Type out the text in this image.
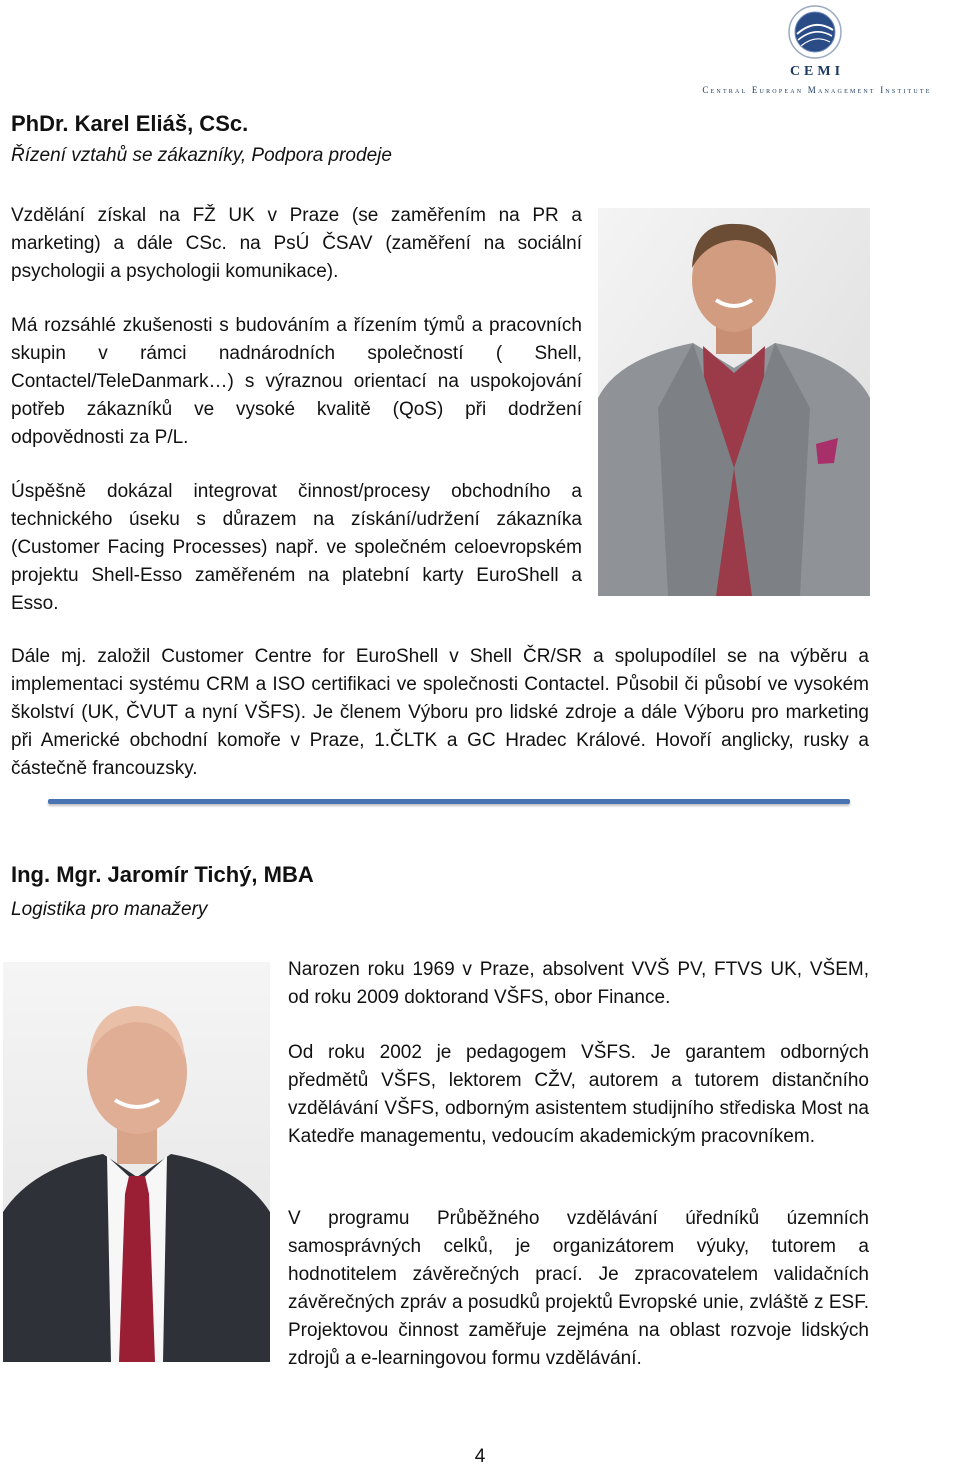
CEMI
Central European Management Institute

PhDr. Karel Eliáš, CSc.

Řízení vztahů se zákazníky, Podpora prodeje

Vzdělání získal na FŽ UK v Praze (se zaměřením na PR a marketing) a dále CSc. na PsÚ ČSAV (zaměření na sociální psychologii a psychologii komunikace).

Má rozsáhlé zkušenosti s budováním a řízením týmů a pracovních skupin v rámci nadnárodních společností ( Shell, Contactel/TeleDanmark…) s výraznou orientací na uspokojování potřeb zákazníků ve vysoké kvalitě (QoS) při dodržení odpovědnosti za P/L.

Úspěšně dokázal integrovat činnost/procesy obchodního a technického úseku s důrazem na získání/udržení zákazníka (Customer Facing Processes) např. ve společném celoevropském projektu Shell-Esso zaměřeném na platební karty EuroShell a Esso.

Dále mj. založil Customer Centre for EuroShell v Shell ČR/SR a spolupodílel se na výběru a implementaci systému CRM a ISO certifikaci ve společnosti Contactel. Působil či působí ve vysokém školství (UK, ČVUT a nyní VŠFS). Je členem Výboru pro lidské zdroje a dále Výboru pro marketing při Americké obchodní komoře v Praze, 1.ČLTK a GC Hradec Králové. Hovoří anglicky, rusky a částečně francouzsky.

Ing. Mgr. Jaromír Tichý, MBA

Logistika pro manažery

Narozen roku 1969 v Praze, absolvent VVŠ PV, FTVS UK, VŠEM, od roku 2009 doktorand VŠFS, obor Finance.

Od roku 2002 je pedagogem VŠFS. Je garantem odborných předmětů VŠFS, lektorem CŽV, autorem a tutorem distančního vzdělávání VŠFS, odborným asistentem studijního střediska Most na Katedře managementu, vedoucím akademickým pracovníkem.

V programu Průběžného vzdělávání úředníků územních samosprávných celků, je organizátorem výuky, tutorem a hodnotitelem závěrečných prací. Je zpracovatelem validačních závěrečných zpráv a posudků projektů Evropské unie, zvláště z ESF. Projektovou činnost zaměřuje zejména na oblast rozvoje lidských zdrojů a e-learningovou formu vzdělávání.

4
